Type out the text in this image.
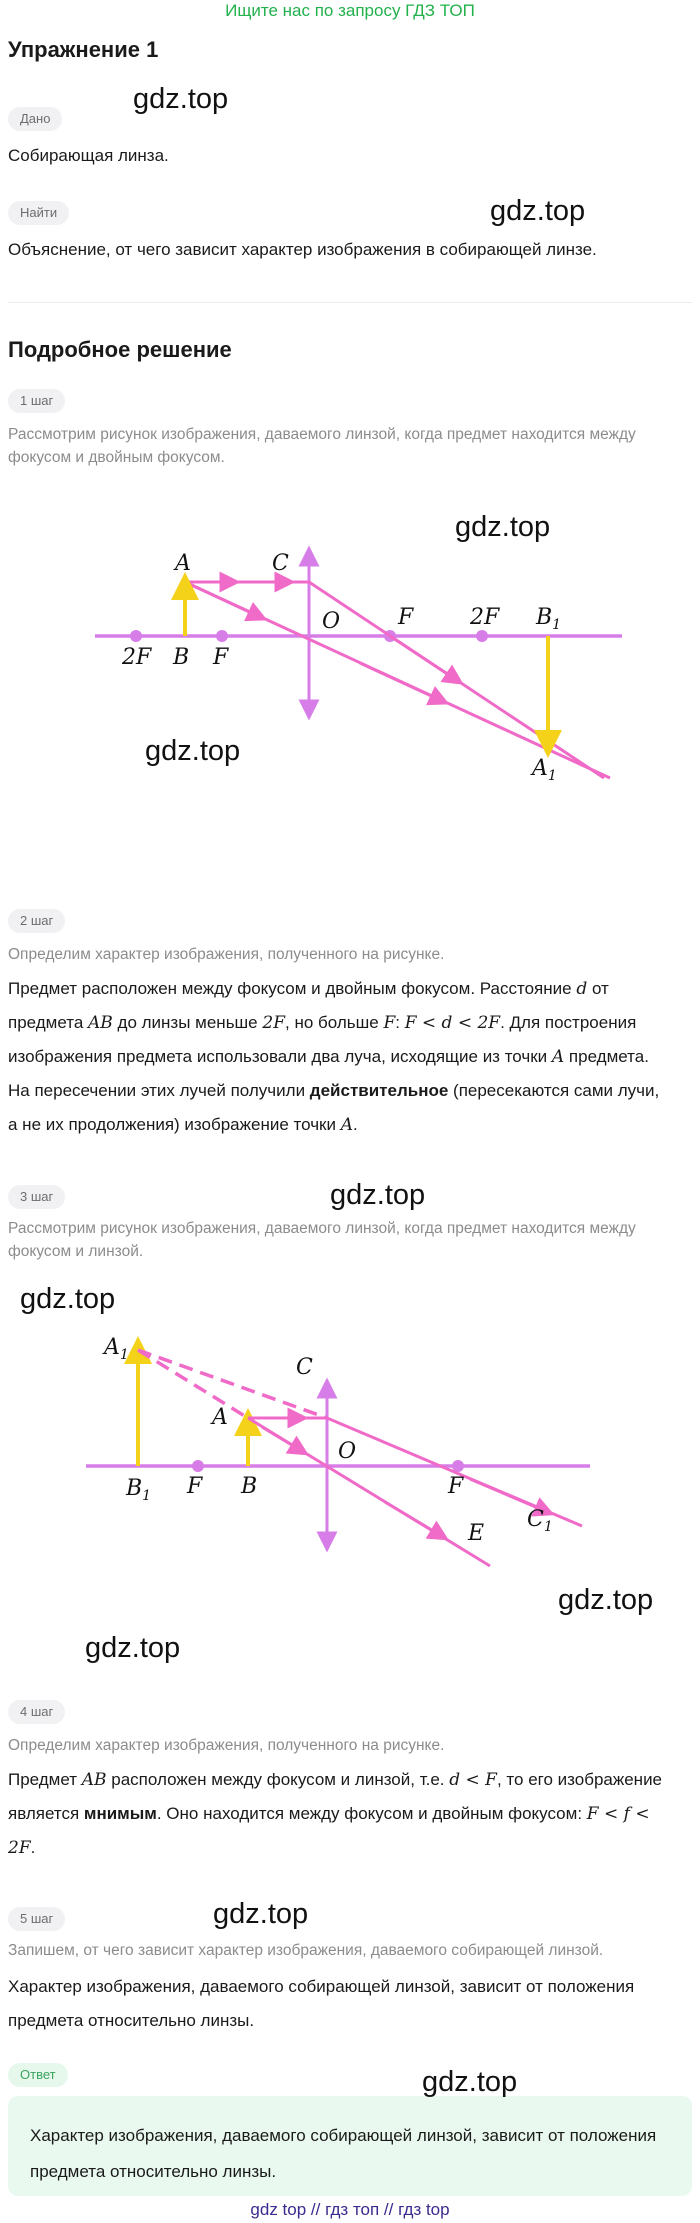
Ищите нас по запросу ГДЗ ТОП
Упражнение 1
Дано
Собирающая линза.
Найти
Объяснение, от чего зависит характер изображения в собирающей линзе.
Подробное решение
1 шаг
Рассмотрим рисунок изображения, даваемого линзой, когда предмет находится между фокусом и двойным фокусом.
A	C
O	F	2F $B_1$
2F B F
$A_1$
2 шаг
Определим характер изображения, полученного на рисунке.
Предмет расположен между фокусом и двойным фокусом. Расстояние d от предмета AB до линзы меньше 2F, но больше F: F < d < 2F. Для построения изображения предмета использовали два луча, исходящие из точки A предмета. На пересечении этих лучей получили действительное (пересекаются сами лучи, а не их продолжения) изображение точки A.
3 шаг
Рассмотрим рисунок изображения, даваемого линзой, когда предмет находится между фокусом и линзой.
$A_1$	C
A
O
$B_1$ F B	F
E
$C_1$
4 шаг
Определим характер изображения, полученного на рисунке.
Предмет AB расположен между фокусом и линзой, т.е. d < F, то его изображение является мнимым. Оно находится между фокусом и двойным фокусом: F < f < 2F.
5 шаг
Запишем, от чего зависит характер изображения, даваемого собирающей линзой.
Характер изображения, даваемого собирающей линзой, зависит от положения предмета относительно линзы.
Ответ
Характер изображения, даваемого собирающей линзой, зависит от положения предмета относительно линзы.
gdz.top
gdz.top
gdz.top
gdz.top
gdz.top
gdz.top
gdz.top
gdz.top
gdz.top
gdz.top
gdz top // гдз топ // гдз top
